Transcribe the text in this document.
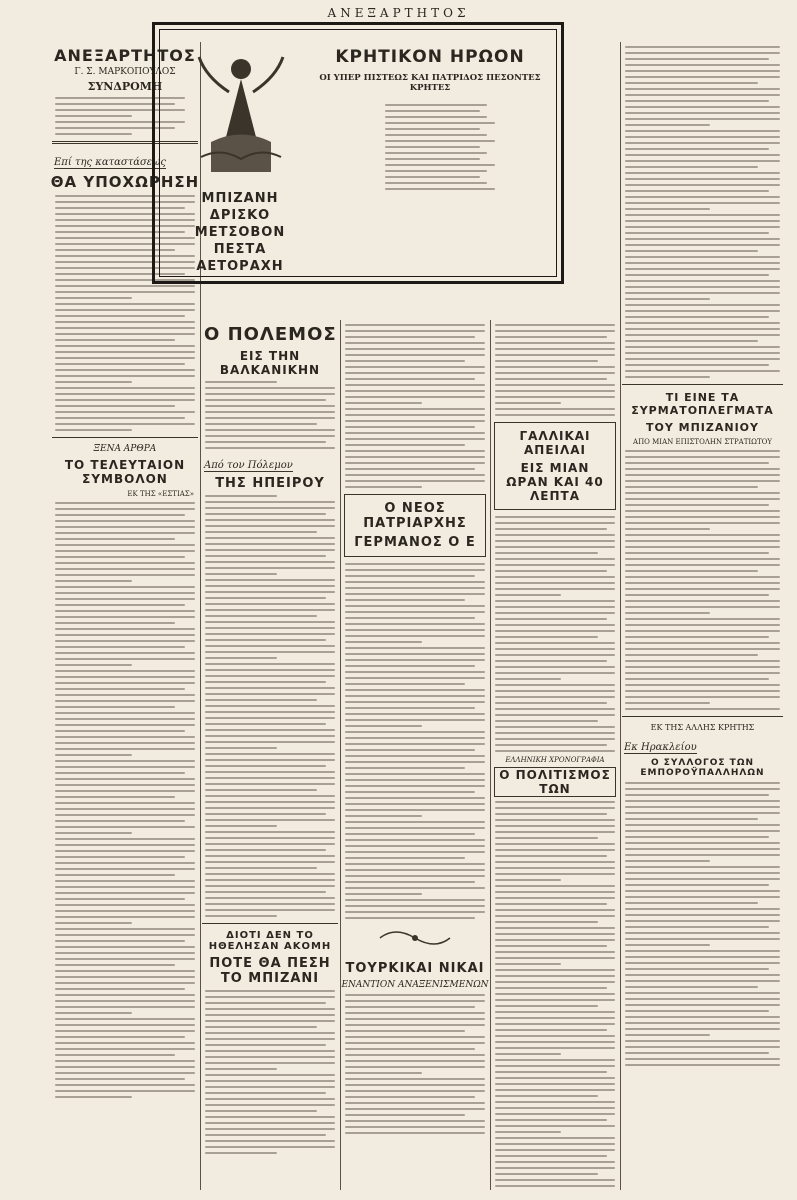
ΑΝΕΞΑΡΤΗΤΟΣ
ΑΝΕΞΑΡΤΗΤΟΣ
Γ. Σ. ΜΑΡΚΟΠΟΥΛΟΣ
ΣΥΝΔΡΟΜΗ
Επί της καταστάσεως
ΘΑ ΥΠΟΧΩΡΗΣΗ
ΞΕΝΑ ΑΡΘΡΑ
ΤΟ ΤΕΛΕΥΤΑΙΟΝ ΣΥΜΒΟΛΟΝ
ΕΚ ΤΗΣ «ΕΣΤΙΑΣ»
ΜΠΙΖΑΝΗ
ΔΡΙΣΚΟ
ΜΕΤΣΟΒΟΝ
ΠΕΣΤΑ
ΑΕΤΟΡΑΧΗ
ΚΡΗΤΙΚΟΝ ΗΡΩΟΝ
ΟΙ ΥΠΕΡ ΠΙΣΤΕΩΣ ΚΑΙ ΠΑΤΡΙΔΟΣ ΠΕΣΟΝΤΕΣ ΚΡΗΤΕΣ
Ο ΠΟΛΕΜΟΣ
ΕΙΣ ΤΗΝ ΒΑΛΚΑΝΙΚΗΝ
Από τον Πόλεμον
ΤΗΣ ΗΠΕΙΡΟΥ
ΔΙΟΤΙ ΔΕΝ ΤΟ ΗΘΕΛΗΣΑΝ ΑΚΟΜΗ
ΠΟΤΕ ΘΑ ΠΕΣΗ ΤΟ ΜΠΙΖΑΝΙ
Ο ΝΕΟΣ ΠΑΤΡΙΑΡΧΗΣ
ΓΕΡΜΑΝΟΣ Ο Ε
ΤΟΥΡΚΙΚΑΙ ΝΙΚΑΙ
ΕΝΑΝΤΙΟΝ ΑΝΑΞΕΝΙΣΜΕΝΩΝ
ΓΑΛΛΙΚΑΙ ΑΠΕΙΛΑΙ
ΕΙΣ ΜΙΑΝ ΩΡΑΝ ΚΑΙ 40 ΛΕΠΤΑ
ΕΛΛΗΝΙΚΗ ΧΡΟΝΟΓΡΑΦΙΑ
Ο ΠΟΛΙΤΙΣΜΟΣ ΤΩΝ
ΤΙ ΕΙΝΕ ΤΑ ΣΥΡΜΑΤΟΠΛΕΓΜΑΤΑ
ΤΟΥ ΜΠΙΖΑΝΙΟΥ
ΑΠΟ ΜΙΑΝ ΕΠΙΣΤΟΛΗΝ ΣΤΡΑΤΙΩΤΟΥ
ΕΚ ΤΗΣ ΑΛΛΗΣ ΚΡΗΤΗΣ
Εκ Ηρακλείου
Ο ΣΥΛΛΟΓΟΣ ΤΩΝ ΕΜΠΟΡΟΫΠΑΛΛΗΛΩΝ
